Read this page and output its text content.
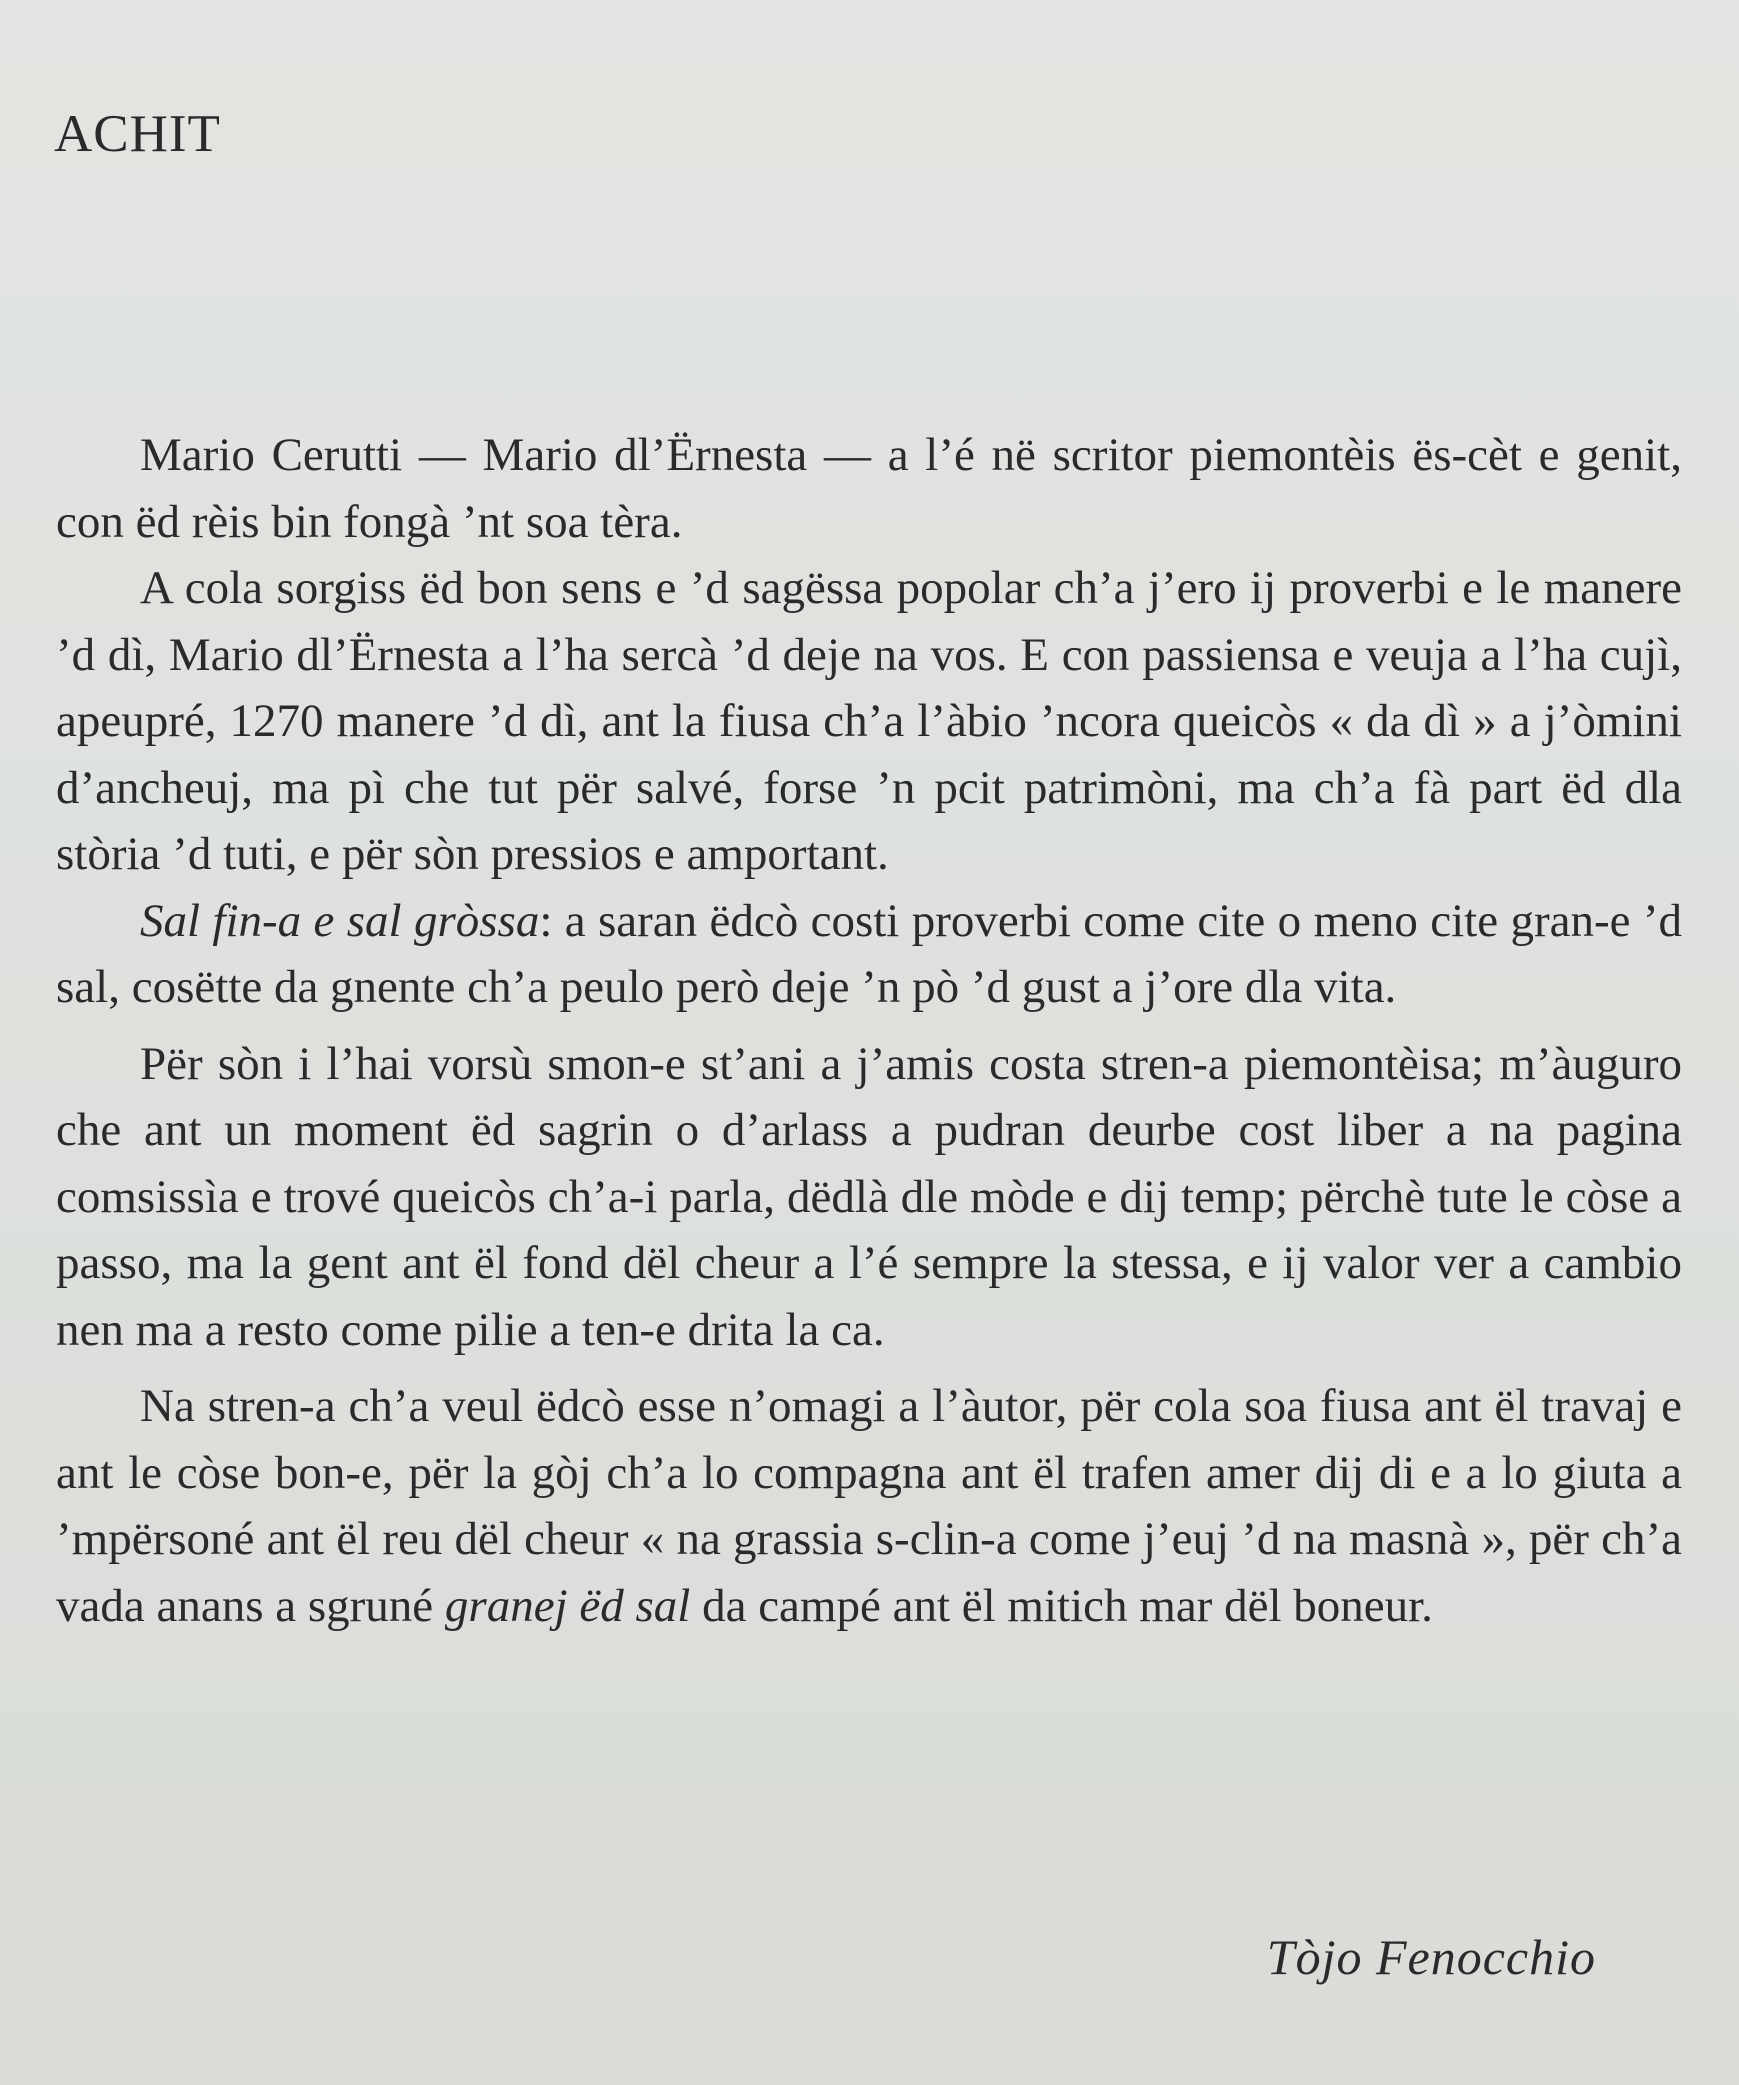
ACHIT

Mario Cerutti — Mario dl’Ërnesta — a l’é në scritor piemontèis ës-cèt e genit, con ëd rèis bin fongà ’nt soa tèra.

A cola sorgiss ëd bon sens e ’d sagëssa popolar ch’a j’ero ij proverbi e le manere ’d dì, Mario dl’Ërnesta a l’ha sercà ’d deje na vos. E con passiensa e veuja a l’ha cujì, apeupré, 1270 manere ’d dì, ant la fiusa ch’a l’àbio ’ncora queicòs « da dì » a j’òmini d’ancheuj, ma pì che tut për salvé, forse ’n pcit patrimòni, ma ch’a fà part ëd dla stòria ’d tuti, e për sòn pressios e amportant.

Sal fin-a e sal gròssa: a saran ëdcò costi proverbi come cite o meno cite gran-e ’d sal, cosëtte da gnente ch’a peulo però deje ’n pò ’d gust a j’ore dla vita.

Për sòn i l’hai vorsù smon-e st’ani a j’amis costa stren-a piemontèisa; m’àuguro che ant un moment ëd sagrin o d’arlass a pudran deurbe cost liber a na pagina comsissìa e trové queicòs ch’a-i parla, dëdlà dle mòde e dij temp; përchè tute le còse a passo, ma la gent ant ël fond dël cheur a l’é sempre la stessa, e ij valor ver a cambio nen ma a resto come pilie a ten-e drita la ca.

Na stren-a ch’a veul ëdcò esse n’omagi a l’àutor, për cola soa fiusa ant ël travaj e ant le còse bon-e, për la gòj ch’a lo compagna ant ël trafen amer dij di e a lo giuta a ’mpërsoné ant ël reu dël cheur « na grassia s-clin-a come j’euj ’d na masnà », për ch’a vada anans a sgruné granej ëd sal da campé ant ël mitich mar dël boneur.

Tòjo Fenocchio
